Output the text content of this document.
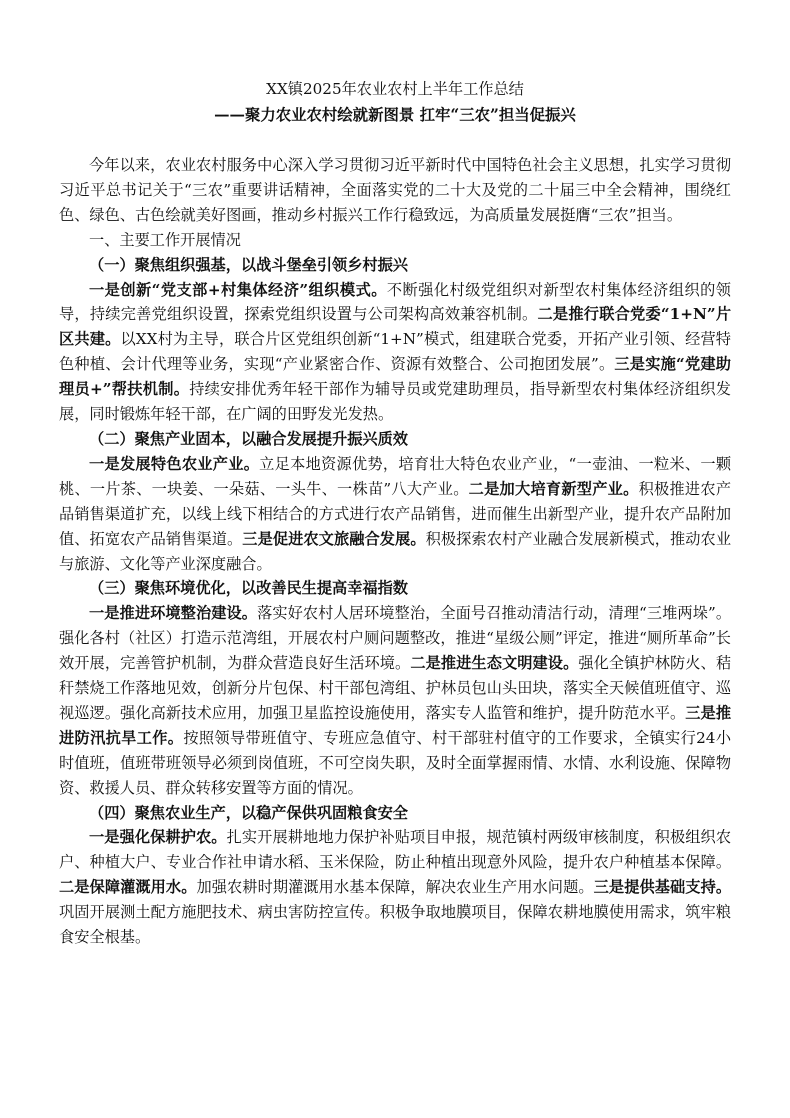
XX镇2025年农业农村上半年工作总结
——聚力农业农村绘就新图景 扛牢“三农”担当促振兴

今年以来，农业农村服务中心深入学习贯彻习近平新时代中国特色社会主义思想，扎实学习贯彻习近平总书记关于“三农”重要讲话精神，全面落实党的二十大及党的二十届三中全会精神，围绕红色、绿色、古色绘就美好图画，推动乡村振兴工作行稳致远，为高质量发展挺膺“三农”担当。

一、主要工作开展情况
（一）聚焦组织强基，以战斗堡垒引领乡村振兴

一是创新“党支部+村集体经济”组织模式。不断强化村级党组织对新型农村集体经济组织的领导，持续完善党组织设置，探索党组织设置与公司架构高效兼容机制。二是推行联合党委“1+N”片区共建。以XX村为主导，联合片区党组织创新“1+N”模式，组建联合党委，开拓产业引领、经营特色种植、会计代理等业务，实现“产业紧密合作、资源有效整合、公司抱团发展”。三是实施“党建助理员+”帮扶机制。持续安排优秀年轻干部作为辅导员或党建助理员，指导新型农村集体经济组织发展，同时锻炼年轻干部，在广阔的田野发光发热。

（二）聚焦产业固本，以融合发展提升振兴质效

一是发展特色农业产业。立足本地资源优势，培育壮大特色农业产业，“一壶油、一粒米、一颗桃、一片茶、一块姜、一朵菇、一头牛、一株苗”八大产业。二是加大培育新型产业。积极推进农产品销售渠道扩充，以线上线下相结合的方式进行农产品销售，进而催生出新型产业，提升农产品附加值、拓宽农产品销售渠道。三是促进农文旅融合发展。积极探索农村产业融合发展新模式，推动农业与旅游、文化等产业深度融合。

（三）聚焦环境优化，以改善民生提高幸福指数

一是推进环境整治建设。落实好农村人居环境整治，全面号召推动清洁行动，清理“三堆两垛”。强化各村（社区）打造示范湾组，开展农村户厕问题整改，推进“星级公厕”评定，推进“厕所革命”长效开展，完善管护机制，为群众营造良好生活环境。二是推进生态文明建设。强化全镇护林防火、秸秆禁烧工作落地见效，创新分片包保、村干部包湾组、护林员包山头田块，落实全天候值班值守、巡视巡逻。强化高新技术应用，加强卫星监控设施使用，落实专人监管和维护，提升防范水平。三是推进防汛抗旱工作。按照领导带班值守、专班应急值守、村干部驻村值守的工作要求，全镇实行24小时值班，值班带班领导必须到岗值班，不可空岗失职，及时全面掌握雨情、水情、水利设施、保障物资、救援人员、群众转移安置等方面的情况。

（四）聚焦农业生产，以稳产保供巩固粮食安全

一是强化保耕护农。扎实开展耕地地力保护补贴项目申报，规范镇村两级审核制度，积极组织农户、种植大户、专业合作社申请水稻、玉米保险，防止种植出现意外风险，提升农户种植基本保障。二是保障灌溉用水。加强农耕时期灌溉用水基本保障，解决农业生产用水问题。三是提供基础支持。巩固开展测土配方施肥技术、病虫害防控宣传。积极争取地膜项目，保障农耕地膜使用需求，筑牢粮食安全根基。
